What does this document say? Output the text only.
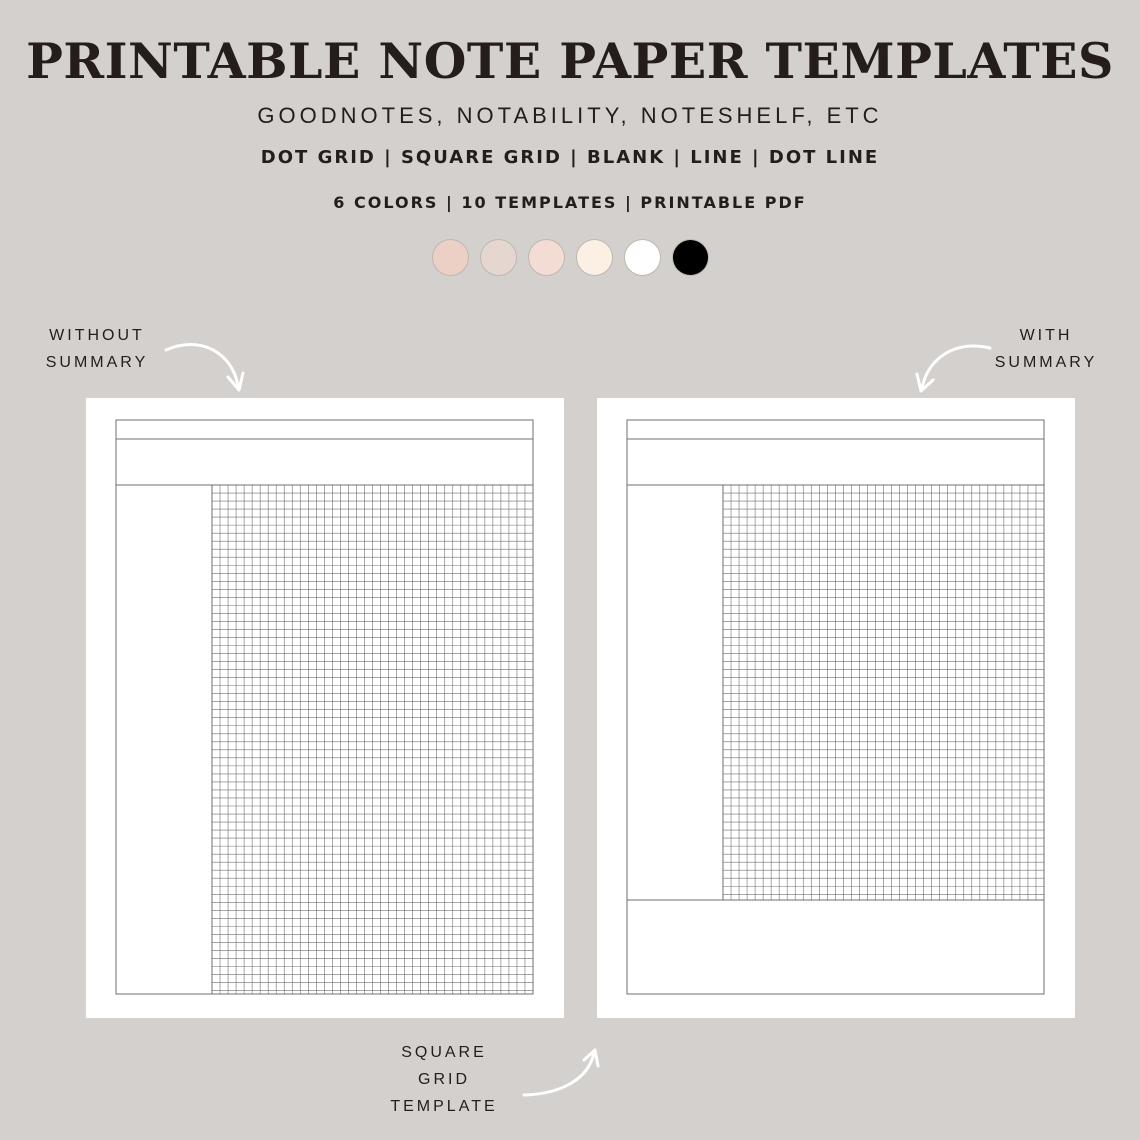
PRINTABLE NOTE PAPER TEMPLATES
GOODNOTES, NOTABILITY, NOTESHELF, ETC
DOT GRID | SQUARE GRID | BLANK | LINE | DOT LINE
6 COLORS | 10 TEMPLATES | PRINTABLE PDF
WITHOUT
SUMMARY
WITH
SUMMARY
SQUARE
GRID
TEMPLATE
